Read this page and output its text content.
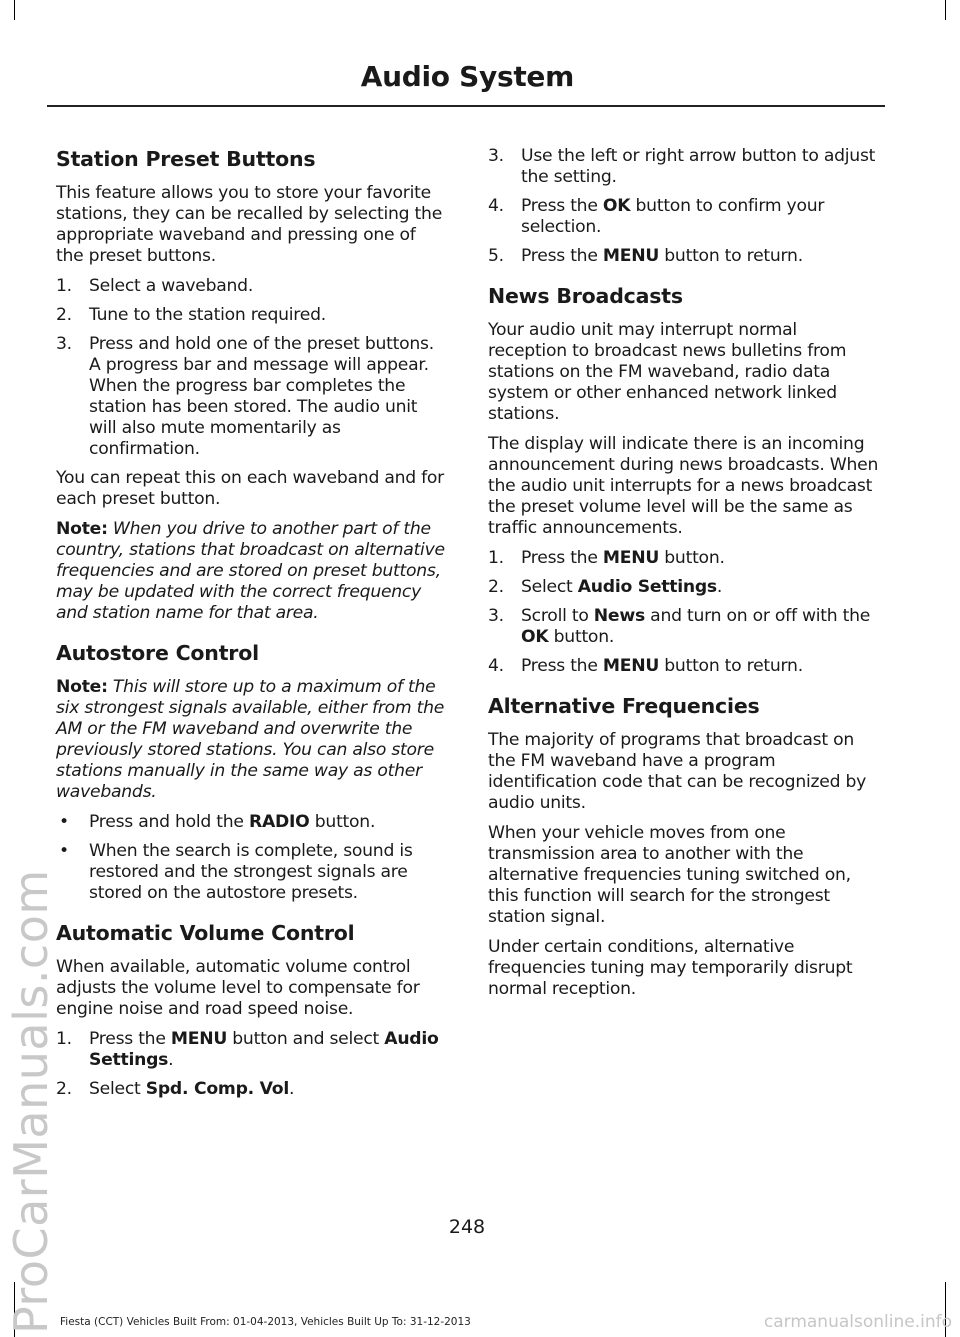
Audio System
Station Preset Buttons

This feature allows you to store your favorite stations, they can be recalled by selecting the appropriate waveband and pressing one of the preset buttons.

1. Select a waveband.
2. Tune to the station required.
3. Press and hold one of the preset buttons. A progress bar and message will appear. When the progress bar completes the station has been stored. The audio unit will also mute momentarily as confirmation.

You can repeat this on each waveband and for each preset button.

Note: When you drive to another part of the country, stations that broadcast on alternative frequencies and are stored on preset buttons, may be updated with the correct frequency and station name for that area.

Autostore Control

Note: This will store up to a maximum of the six strongest signals available, either from the AM or the FM waveband and overwrite the previously stored stations. You can also store stations manually in the same way as other wavebands.

• Press and hold the RADIO button.
• When the search is complete, sound is restored and the strongest signals are stored on the autostore presets.
Automatic Volume Control

When available, automatic volume control adjusts the volume level to compensate for engine noise and road speed noise.

1. Press the MENU button and select Audio Settings.
2. Select Spd. Comp. Vol.
3. Use the left or right arrow button to adjust the setting.
4. Press the OK button to confirm your selection.
5. Press the MENU button to return.
News Broadcasts

Your audio unit may interrupt normal reception to broadcast news bulletins from stations on the FM waveband, radio data system or other enhanced network linked stations.

The display will indicate there is an incoming announcement during news broadcasts. When the audio unit interrupts for a news broadcast the preset volume level will be the same as traffic announcements.

1. Press the MENU button.
2. Select Audio Settings.
3. Scroll to News and turn on or off with the OK button.
4. Press the MENU button to return.
Alternative Frequencies

The majority of programs that broadcast on the FM waveband have a program identification code that can be recognized by audio units.

When your vehicle moves from one transmission area to another with the alternative frequencies tuning switched on, this function will search for the strongest station signal.

Under certain conditions, alternative frequencies tuning may temporarily disrupt normal reception.

248
Fiesta (CCT) Vehicles Built From: 01-04-2013, Vehicles Built Up To: 31-12-2013
ProCarManuals.com	carmanualsonline.info
